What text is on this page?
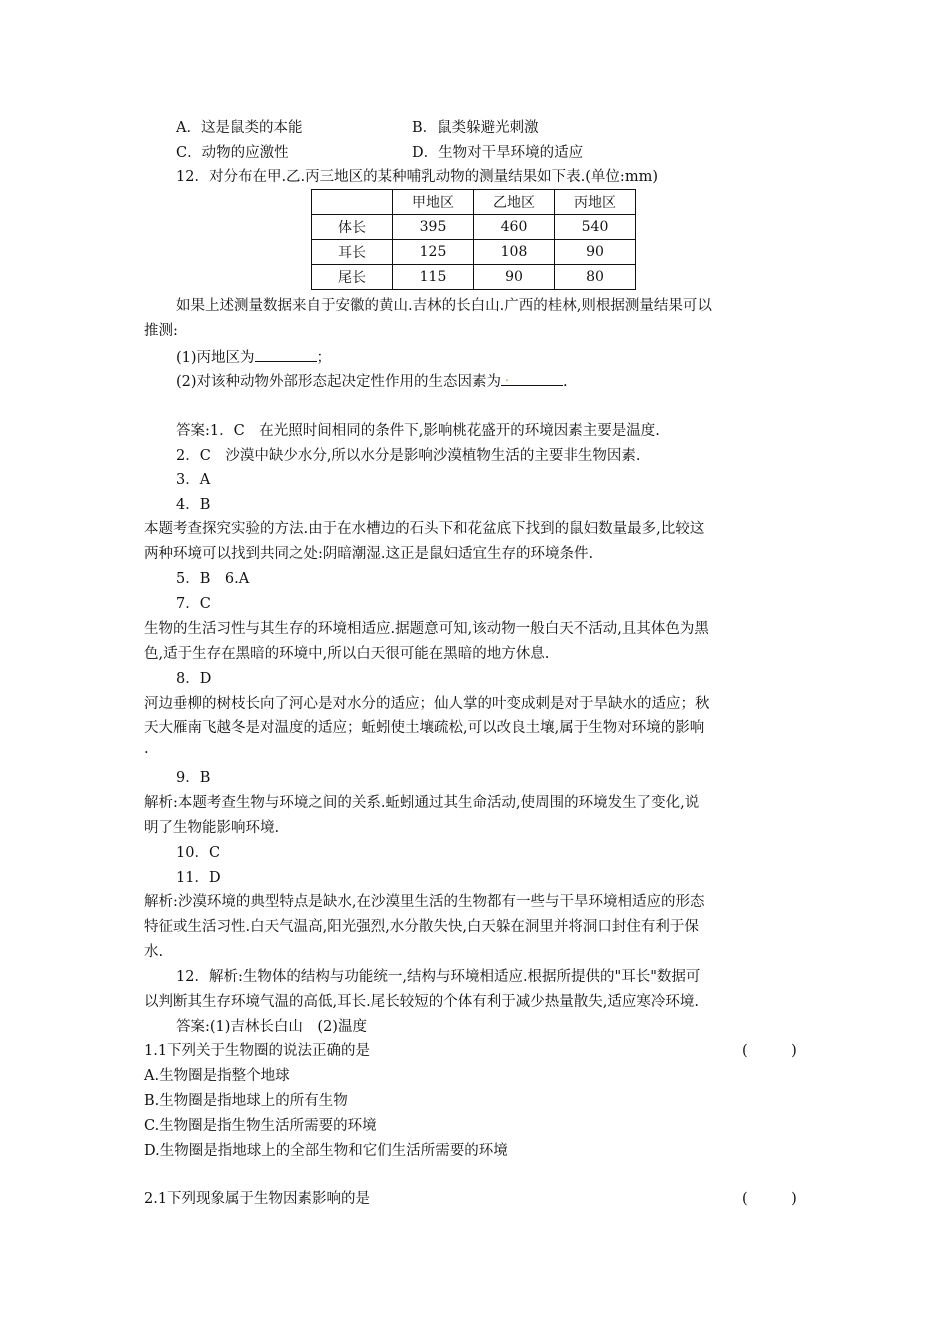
A．这是鼠类的本能	B．鼠类躲避光刺激
C．动物的应激性	D．生物对干旱环境的适应
12．对分布在甲.乙.丙三地区的某种哺乳动物的测量结果如下表.(单位:mm)
	甲地区	乙地区	丙地区
体长	395	460	540
耳长	125	108	90
尾长	115	90	80
如果上述测量数据来自于安徽的黄山.吉林的长白山.广西的桂林,则根据测量结果可以
推测:
(1)丙地区为	；
(2)对该种动物外部形态起决定性作用的生态因素为 .	.
答案:1．C　在光照时间相同的条件下,影响桃花盛开的环境因素主要是温度.
2．C　沙漠中缺少水分,所以水分是影响沙漠植物生活的主要非生物因素.
3．A
4．B
本题考查探究实验的方法.由于在水槽边的石头下和花盆底下找到的鼠妇数量最多,比较这
两种环境可以找到共同之处:阴暗潮湿.这正是鼠妇适宜生存的环境条件.
5．B　6.A
7．C
生物的生活习性与其生存的环境相适应.据题意可知,该动物一般白天不活动,且其体色为黑
色,适于生存在黑暗的环境中,所以白天很可能在黑暗的地方休息.
8．D
河边垂柳的树枝长向了河心是对水分的适应；仙人掌的叶变成刺是对于旱缺水的适应；秋
天大雁南飞越冬是对温度的适应；蚯蚓使土壤疏松,可以改良土壤,属于生物对环境的影响
.
9．B
解析:本题考查生物与环境之间的关系.蚯蚓通过其生命活动,使周围的环境发生了变化,说
明了生物能影响环境.
10．C
11．D
解析:沙漠环境的典型特点是缺水,在沙漠里生活的生物都有一些与干旱环境相适应的形态
特征或生活习性.白天气温高,阳光强烈,水分散失快,白天躲在洞里并将洞口封住有利于保
水.
12．解析:生物体的结构与功能统一,结构与环境相适应.根据所提供的"耳长"数据可
以判断其生存环境气温的高低,耳长.尾长较短的个体有利于减少热量散失,适应寒冷环境.
答案:(1)吉林长白山　(2)温度
1.1下列关于生物圈的说法正确的是	(　　　)
A.生物圈是指整个地球
B.生物圈是指地球上的所有生物
C.生物圈是指生物生活所需要的环境
D.生物圈是指地球上的全部生物和它们生活所需要的环境
2.1下列现象属于生物因素影响的是	(　　　)
